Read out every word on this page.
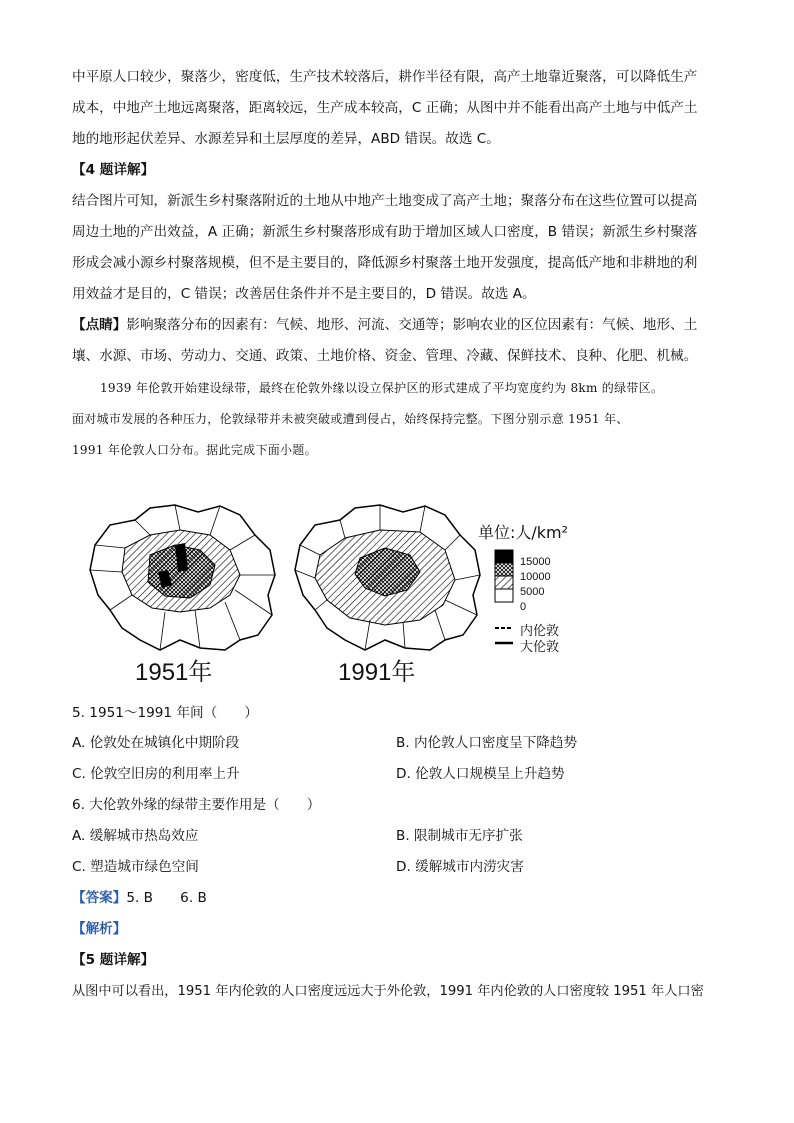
中平原人口较少，聚落少，密度低，生产技术较落后，耕作半径有限，高产土地靠近聚落，可以降低生产
成本，中地产土地远离聚落，距离较远，生产成本较高，C 正确；从图中并不能看出高产土地与中低产土
地的地形起伏差异、水源差异和土层厚度的差异，ABD 错误。故选 C。
【4 题详解】
结合图片可知，新派生乡村聚落附近的土地从中地产土地变成了高产土地；聚落分布在这些位置可以提高
周边土地的产出效益，A 正确；新派生乡村聚落形成有助于增加区域人口密度，B 错误；新派生乡村聚落
形成会减小源乡村聚落规模，但不是主要目的，降低源乡村聚落土地开发强度，提高低产地和非耕地的利
用效益才是目的，C 错误；改善居住条件并不是主要目的，D 错误。故选 A。
【点睛】影响聚落分布的因素有：气候、地形、河流、交通等；影响农业的区位因素有：气候、地形、土
壤、水源、市场、劳动力、交通、政策、土地价格、资金、管理、冷藏、保鲜技术、良种、化肥、机械。
1939 年伦敦开始建设绿带，最终在伦敦外缘以设立保护区的形式建成了平均宽度约为 8km 的绿带区。
面对城市发展的各种压力，伦敦绿带并未被突破或遭到侵占，始终保持完整。下图分别示意 1951 年、
1991 年伦敦人口分布。据此完成下面小题。
1951年	1991年
单位:人/km²
15000
10000
5000
0
内伦敦
大伦敦
5. 1951～1991 年间（　　）
A. 伦敦处在城镇化中期阶段	B. 内伦敦人口密度呈下降趋势
C. 伦敦空旧房的利用率上升	D. 伦敦人口规模呈上升趋势
6. 大伦敦外缘的绿带主要作用是（　　）
A. 缓解城市热岛效应	B. 限制城市无序扩张
C. 塑造城市绿色空间	D. 缓解城市内涝灾害
【答案】5. B　　6. B
【解析】
【5 题详解】
从图中可以看出，1951 年内伦敦的人口密度远远大于外伦敦，1991 年内伦敦的人口密度较 1951 年人口密
